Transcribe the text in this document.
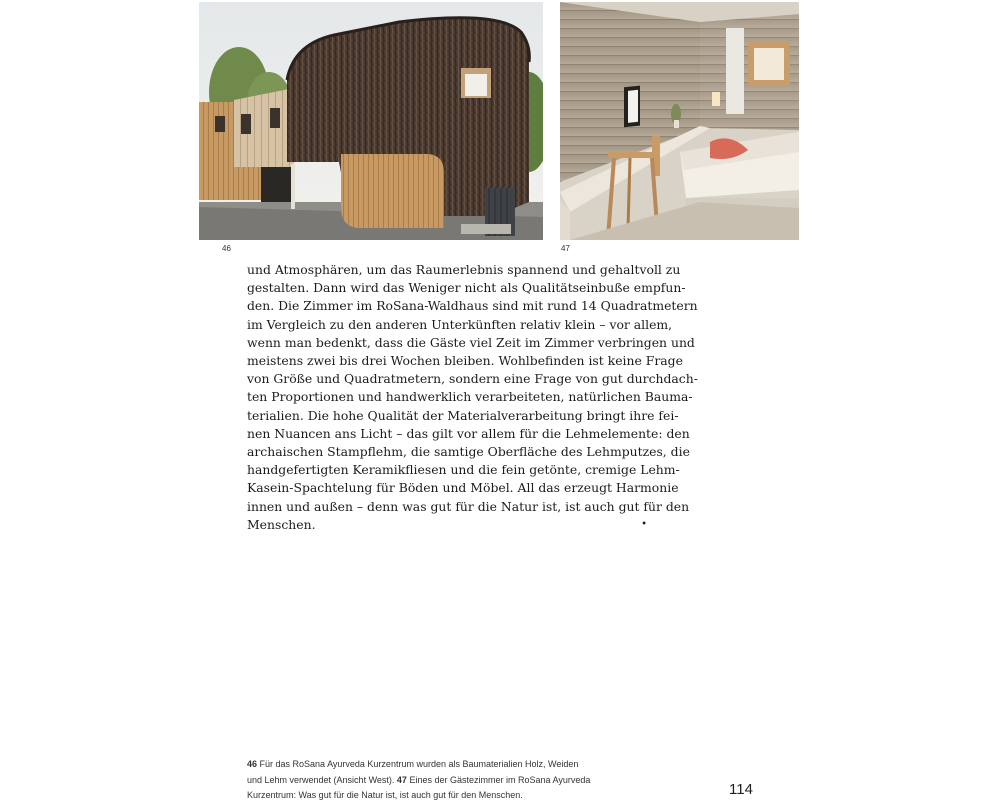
46	47
und Atmosphären, um das Raumerlebnis spannend und gehaltvoll zu
gestalten. Dann wird das Weniger nicht als Qualitätseinbuße empfun-
den. Die Zimmer im RoSana-Waldhaus sind mit rund 14 Quadratmetern
im Vergleich zu den anderen Unterkünften relativ klein – vor allem,
wenn man bedenkt, dass die Gäste viel Zeit im Zimmer verbringen und
meistens zwei bis drei Wochen bleiben. Wohlbefinden ist keine Frage
von Größe und Quadratmetern, sondern eine Frage von gut durchdach-
ten Proportionen und handwerklich verarbeiteten, natürlichen Bauma-
terialien. Die hohe Qualität der Materialverarbeitung bringt ihre fei-
nen Nuancen ans Licht – das gilt vor allem für die Lehmelemente: den
archaischen Stampflehm, die samtige Oberfläche des Lehmputzes, die
handgefertigten Keramikfliesen und die fein getönte, cremige Lehm-
Kasein-Spachtelung für Böden und Möbel. All das erzeugt Harmonie
innen und außen – denn was gut für die Natur ist, ist auch gut für den
Menschen.	•
46 Für das RoSana Ayurveda Kurzentrum wurden als Baumaterialien Holz, Weiden
und Lehm verwendet (Ansicht West). 47 Eines der Gästezimmer im RoSana Ayurveda
Kurzentrum: Was gut für die Natur ist, ist auch gut für den Menschen.	114
